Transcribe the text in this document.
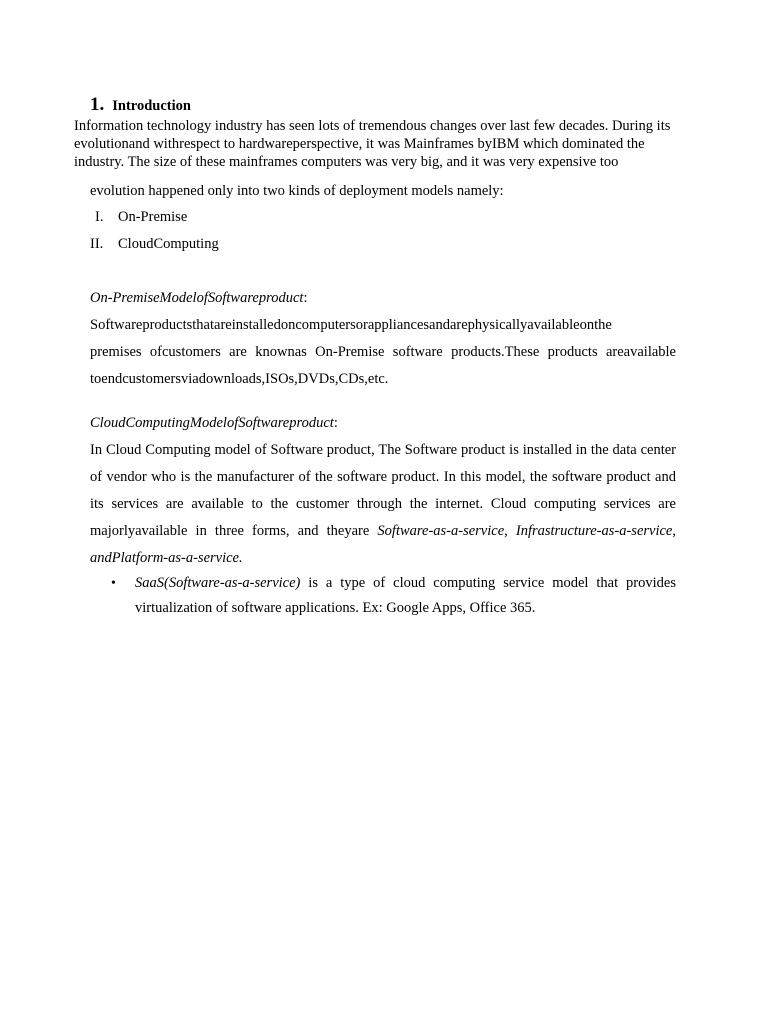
1. Introduction

Information technology industry has seen lots of tremendous changes over last few decades. During its evolutionand withrespect to hardwareperspective, it was Mainframes byIBM which dominated the industry. The size of these mainframes computers was very big, and it was very expensive too

evolution happened only into two kinds of deployment models namely:

I. On-Premise
II. CloudComputing

On-PremiseModelofSoftwareproduct:

Softwareproductsthatareinstalledoncomputersorappliancesandarephysicallyavailableonthe
premises ofcustomers are knownas On-Premise software products.These products areavailable
toendcustomersviadownloads,ISOs,DVDs,CDs,etc.

CloudComputingModelofSoftwareproduct:

In Cloud Computing model of Software product, The Software product is installed in the data center of vendor who is the manufacturer of the software product. In this model, the software product and its services are available to the customer through the internet. Cloud computing services are majorlyavailable in three forms, and theyare Software-as-a-service, Infrastructure-as-a-service, andPlatform-as-a-service.

• SaaS(Software-as-a-service) is a type of cloud computing service model that provides virtualization of software applications. Ex: Google Apps, Office 365.
